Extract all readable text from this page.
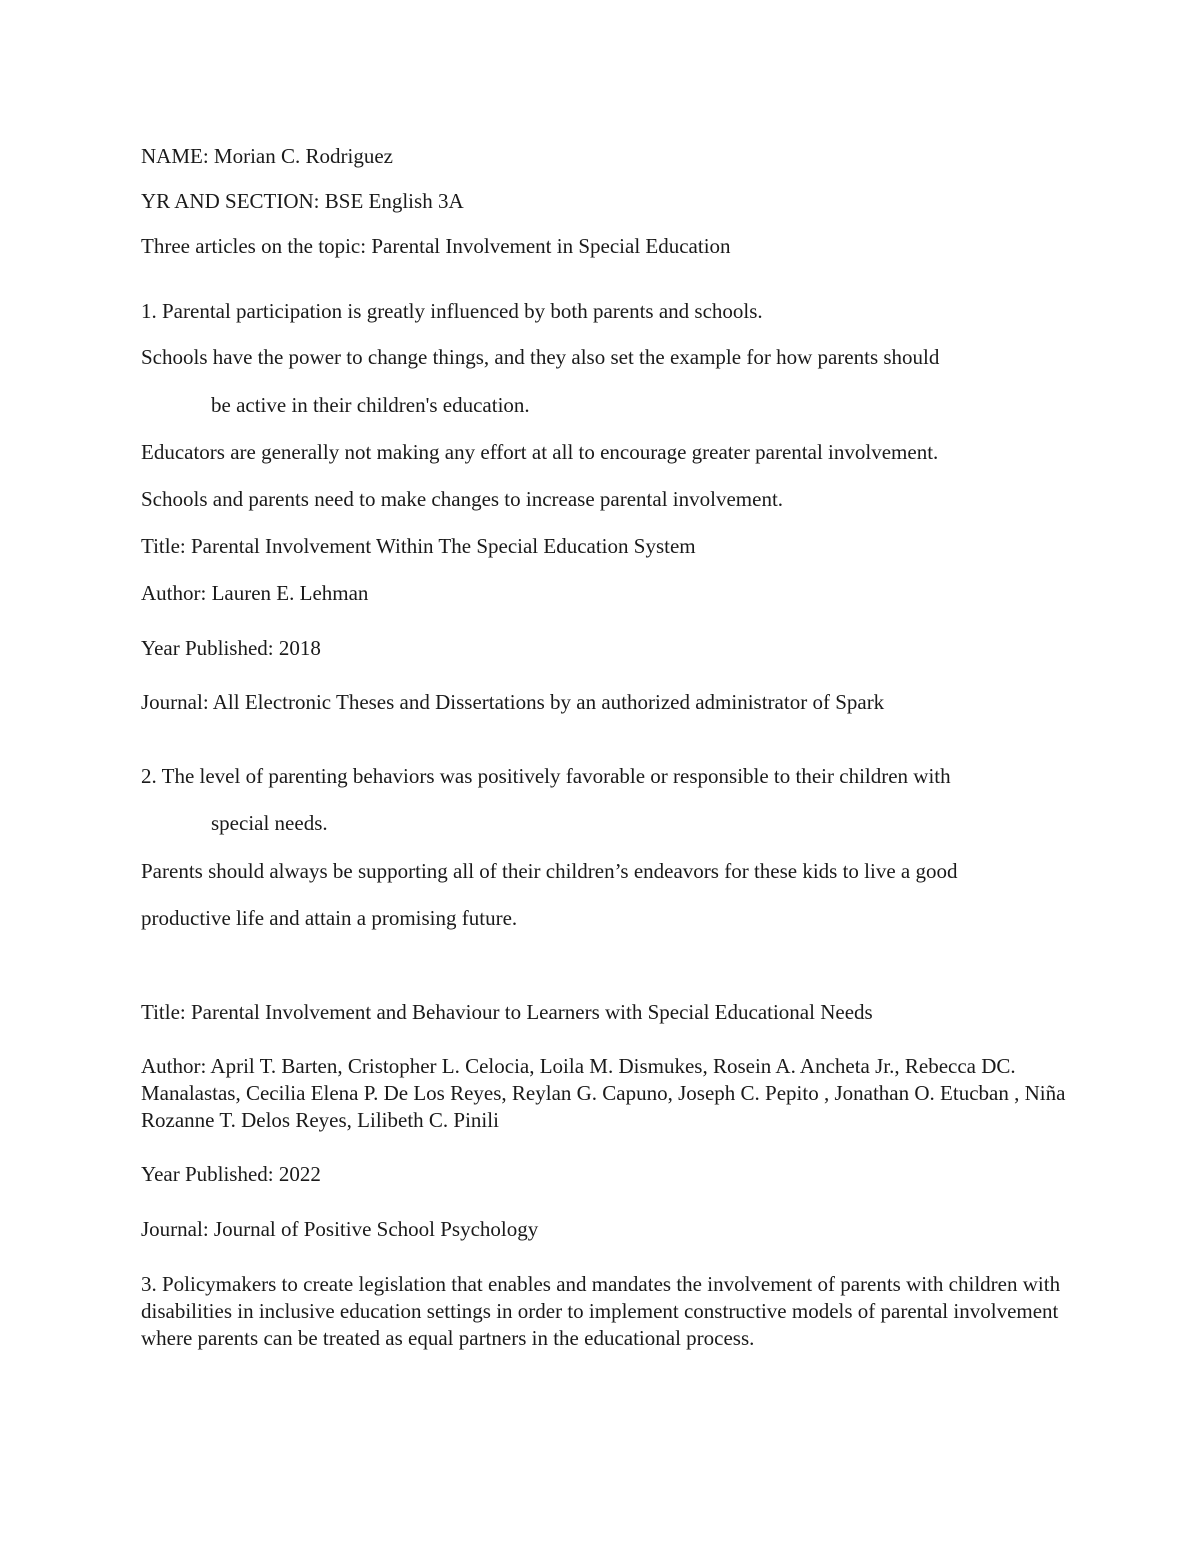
NAME: Morian C. Rodriguez
YR AND SECTION: BSE English 3A
Three articles on the topic: Parental Involvement in Special Education
1. Parental participation is greatly influenced by both parents and schools.
Schools have the power to change things, and they also set the example for how parents should
be active in their children's education.
Educators are generally not making any effort at all to encourage greater parental involvement.
Schools and parents need to make changes to increase parental involvement.
Title: Parental Involvement Within The Special Education System
Author: Lauren E. Lehman
Year Published: 2018
Journal: All Electronic Theses and Dissertations by an authorized administrator of Spark
2. The level of parenting behaviors was positively favorable or responsible to their children with
special needs.
Parents should always be supporting all of their children’s endeavors for these kids to live a good
productive life and attain a promising future.
Title: Parental Involvement and Behaviour to Learners with Special Educational Needs
Author: April T. Barten, Cristopher L. Celocia, Loila M. Dismukes, Rosein A. Ancheta Jr., Rebecca DC. Manalastas, Cecilia Elena P. De Los Reyes, Reylan G. Capuno, Joseph C. Pepito , Jonathan O. Etucban , Niña Rozanne T. Delos Reyes, Lilibeth C. Pinili
Year Published: 2022
Journal: Journal of Positive School Psychology
3. Policymakers to create legislation that enables and mandates the involvement of parents with children with disabilities in inclusive education settings in order to implement constructive models of parental involvement where parents can be treated as equal partners in the educational process.
